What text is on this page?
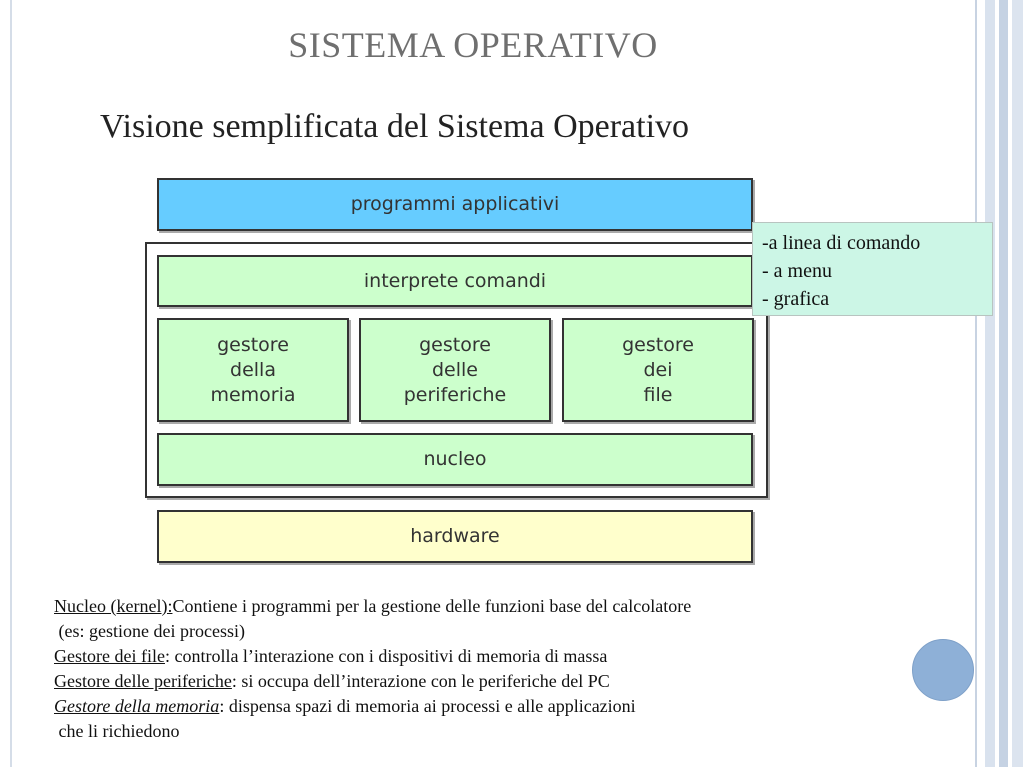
SISTEMA OPERATIVO
Visione semplificata del Sistema Operativo
programmi applicativi
interprete comandi
gestore
della
memoria
gestore
delle
periferiche
gestore
dei
file
nucleo
hardware
-a linea di comando
- a menu
- grafica
Nucleo (kernel):Contiene i programmi per la gestione delle funzioni base del calcolatore
(es: gestione dei processi)
Gestore dei file: controlla l’interazione con i dispositivi di memoria di massa
Gestore delle periferiche: si occupa dell’interazione con le periferiche del PC
Gestore della memoria: dispensa spazi di memoria ai processi e alle applicazioni
che li richiedono
